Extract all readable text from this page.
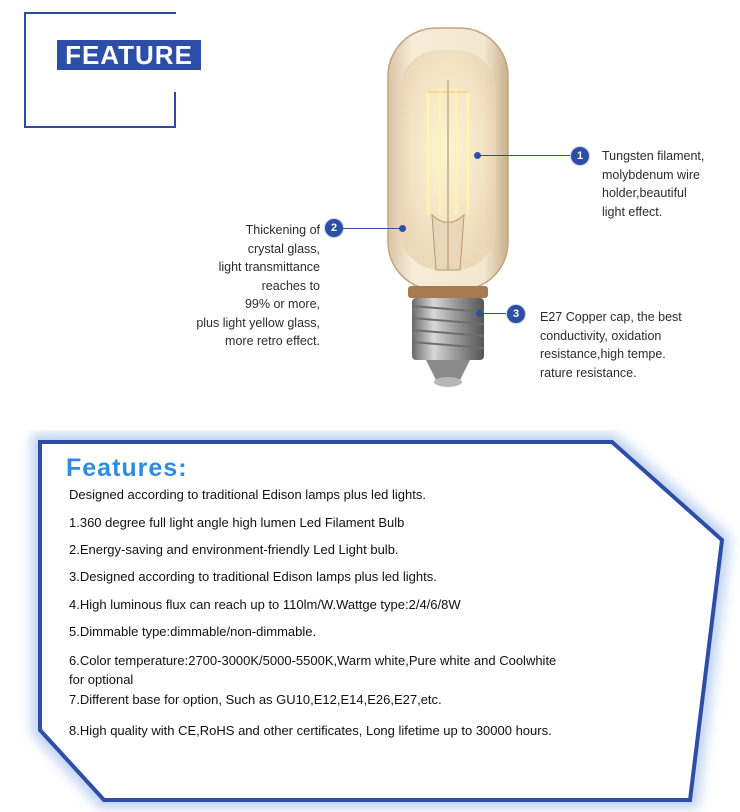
FEATURE
1	Tungsten filament,
molybdenum wire
holder,beautiful
light effect.
2
Thickening of
crystal glass,
light transmittance
reaches to
99% or more,
plus light yellow glass,
more retro effect.
3	E27 Copper cap, the best
conductivity, oxidation
resistance,high tempe.
rature resistance.
Features:
Designed according to traditional Edison lamps plus led lights.
1.360 degree full light angle high lumen Led Filament Bulb
2.Energy-saving and environment-friendly Led Light bulb.
3.Designed according to traditional Edison lamps plus led lights.
4.High luminous flux can reach up to 110lm/W.Wattge type:2/4/6/8W
5.Dimmable type:dimmable/non-dimmable.
6.Color temperature:2700-3000K/5000-5500K,Warm white,Pure white and Coolwhite for optional
7.Different base for option, Such as GU10,E12,E14,E26,E27,etc.
8.High quality with CE,RoHS and other certificates, Long lifetime up to 30000 hours.
